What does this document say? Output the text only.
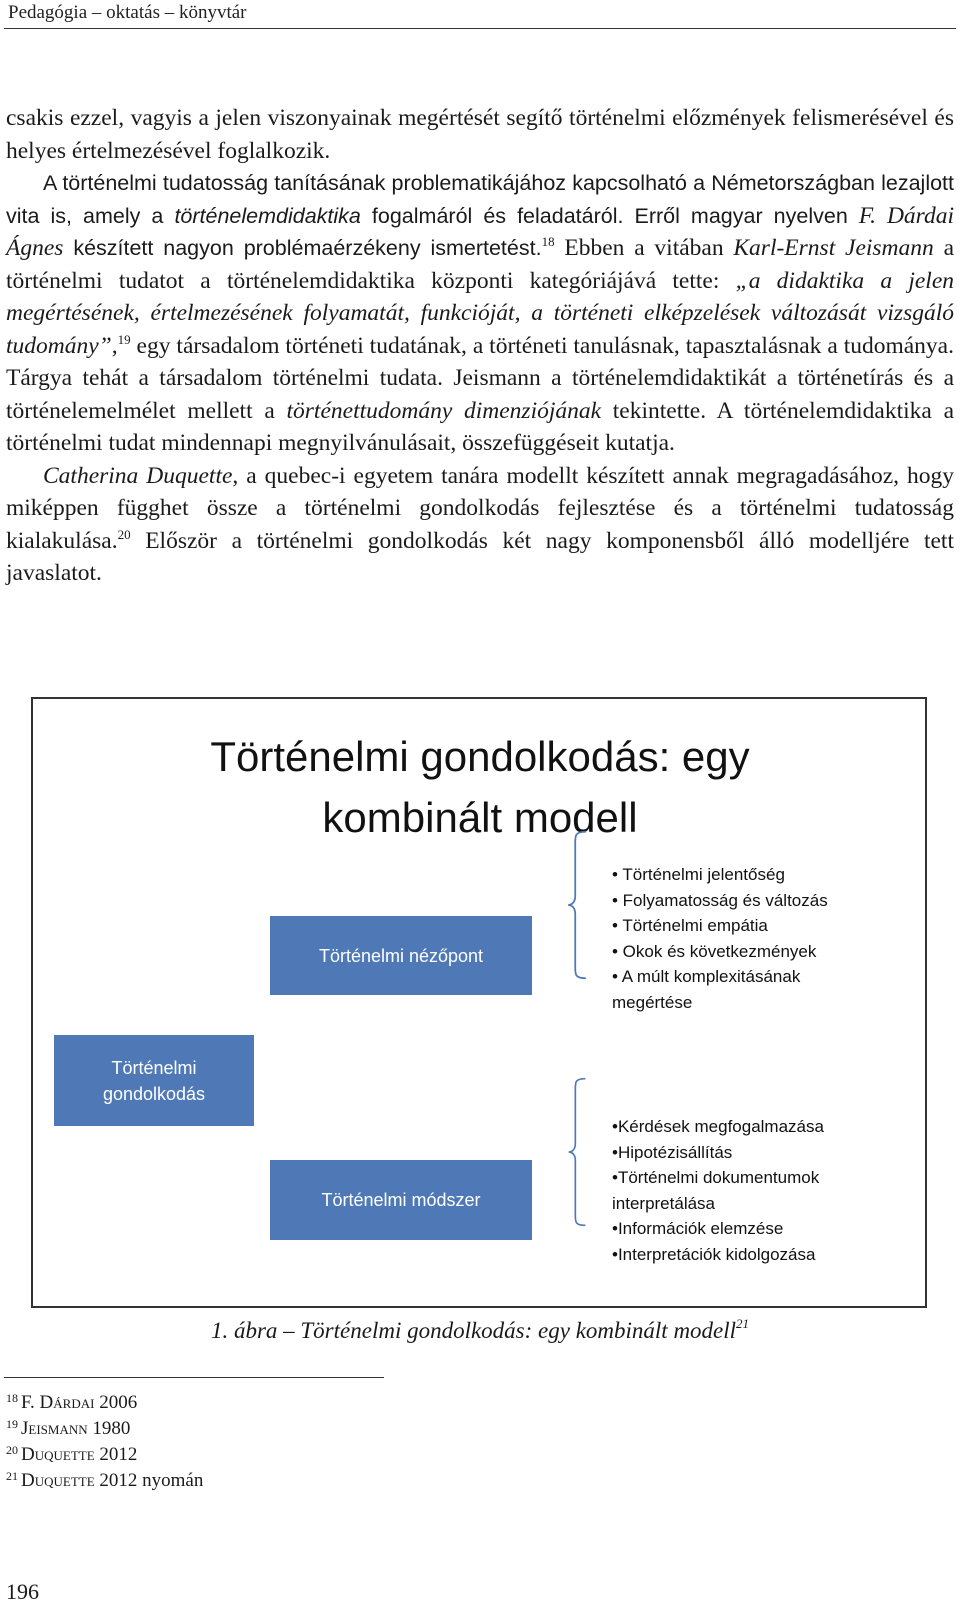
Pedagógia – oktatás – könyvtár

csakis ezzel, vagyis a jelen viszonyainak megértését segítő történelmi előzmények felismerésével és helyes értelmezésével foglalkozik.

A történelmi tudatosság tanításának problematikájához kapcsolható a Németországban lezajlott vita is, amely a történelemdidaktika fogalmáról és feladatáról. Erről magyar nyelven F. Dárdai Ágnes készített nagyon problémaérzékeny ismertetést.$^{18}$ Ebben a vitában Karl-Ernst Jeismann a történelmi tudatot a történelemdidaktika központi kategóriájává tette: „a didaktika a jelen megértésének, értelmezésének folyamatát, funkcióját, a történeti elképzelések változását vizsgáló tudomány”,$^{19}$ egy társadalom történeti tudatának, a történeti tanulásnak, tapasztalásnak a tudománya. Tárgya tehát a társadalom történelmi tudata. Jeismann a történelemdidaktikát a történetírás és a történelemelmélet mellett a történettudomány dimenziójának tekintette. A történelemdidaktika a történelmi tudat mindennapi megnyilvánulásait, összefüggéseit kutatja.

Catherina Duquette, a quebec-i egyetem tanára modellt készített annak megragadásához, hogy miképpen függhet össze a történelmi gondolkodás fejlesztése és a történelmi tudatosság kialakulása.$^{20}$ Először a történelmi gondolkodás két nagy komponensből álló modelljére tett javaslatot.

Történelmi gondolkodás: egy
kombinált modell
Történelmi nézőpont
Történelmi
gondolkodás
Történelmi módszer
• Történelmi jelentőség
• Folyamatosság és változás
• Történelmi empátia
• Okok és következmények
• A múlt komplexitásának
megértése
•Kérdések megfogalmazása
•Hipotézisállítás
•Történelmi dokumentumok
interpretálása
•Információk elemzése
•Interpretációk kidolgozása
1. ábra – Történelmi gondolkodás: egy kombinált modell$^{21}$
$^{18}$ F. Dárdai 2006
$^{19}$ Jeismann 1980
$^{20}$ Duquette 2012
$^{21}$ Duquette 2012 nyomán
196
